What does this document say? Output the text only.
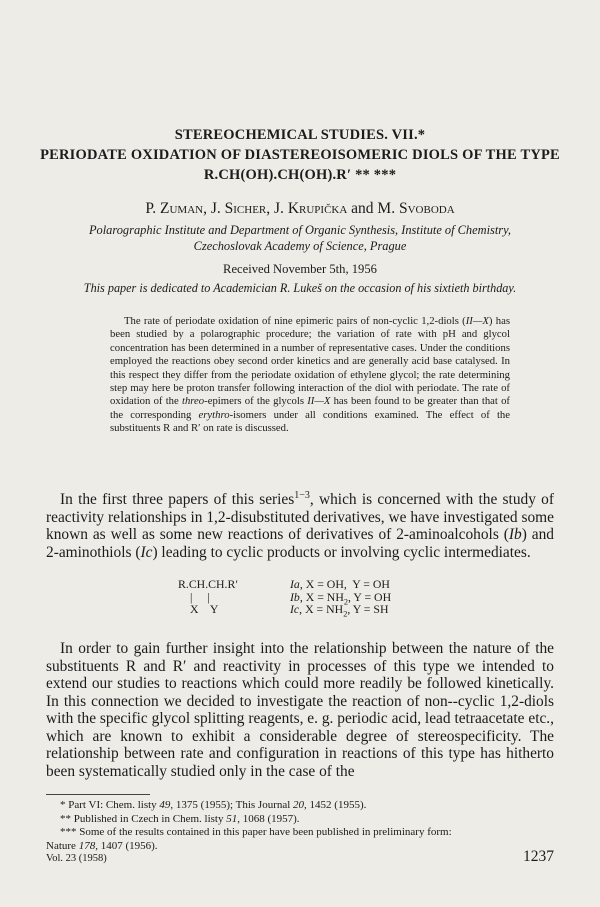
STEREOCHEMICAL STUDIES. VII.*
PERIODATE OXIDATION OF DIASTEREOISOMERIC DIOLS OF THE TYPE
R.CH(OH).CH(OH).R′ ** ***
P. Zuman, J. Sicher, J. Krupička and M. Svoboda
Polarographic Institute and Department of Organic Synthesis, Institute of Chemistry,
Czechoslovak Academy of Science, Prague
Received November 5th, 1956
This paper is dedicated to Academician R. Lukeš on the occasion of his sixtieth birthday.

The rate of periodate oxidation of nine epimeric pairs of non-cyclic 1,2-diols (II—X) has been studied by a polarographic procedure; the variation of rate with pH and glycol concentration has been determined in a number of representative cases. Under the conditions employed the reactions obey second order kinetics and are generally acid base catalysed. In this respect they differ from the periodate oxidation of ethylene glycol; the rate determining step may here be proton transfer following interaction of the diol with periodate. The rate of oxidation of the threo-epimers of the glycols II—X has been found to be greater than that of the corresponding erythro-isomers under all conditions examined. The effect of the substituents R and R′ on rate is discussed.

In the first three papers of this series$^{1-3}$, which is concerned with the study of reactivity relationships in 1,2-disubstituted derivatives, we have investigated some known as well as some new reactions of derivatives of 2-aminoalcohols (Ib) and 2-aminothiols (Ic) leading to cyclic products or involving cyclic intermediates.

R.CH.CH.R′
|     |
X    Y
Ia, X = OH,  Y = OH
Ib, $X = NH_2$, Y = OH
Ic, $X = NH_2$, Y = SH

In order to gain further insight into the relationship between the nature of the substituents R and R′ and reactivity in processes of this type we intended to extend our studies to reactions which could more readily be followed kinetically. In this connection we decided to investigate the reaction of non--cyclic 1,2-diols with the specific glycol splitting reagents, e. g. periodic acid, lead tetraacetate etc., which are known to exhibit a considerable degree of stereospecificity. The relationship between rate and configuration in reactions of this type has hitherto been systematically studied only in the case of the

* Part VI: Chem. listy 49, 1375 (1955); This Journal 20, 1452 (1955).
** Published in Czech in Chem. listy 51, 1068 (1957).
*** Some of the results contained in this paper have been published in preliminary form:
Nature 178, 1407 (1956).
Vol. 23 (1958)	1237
